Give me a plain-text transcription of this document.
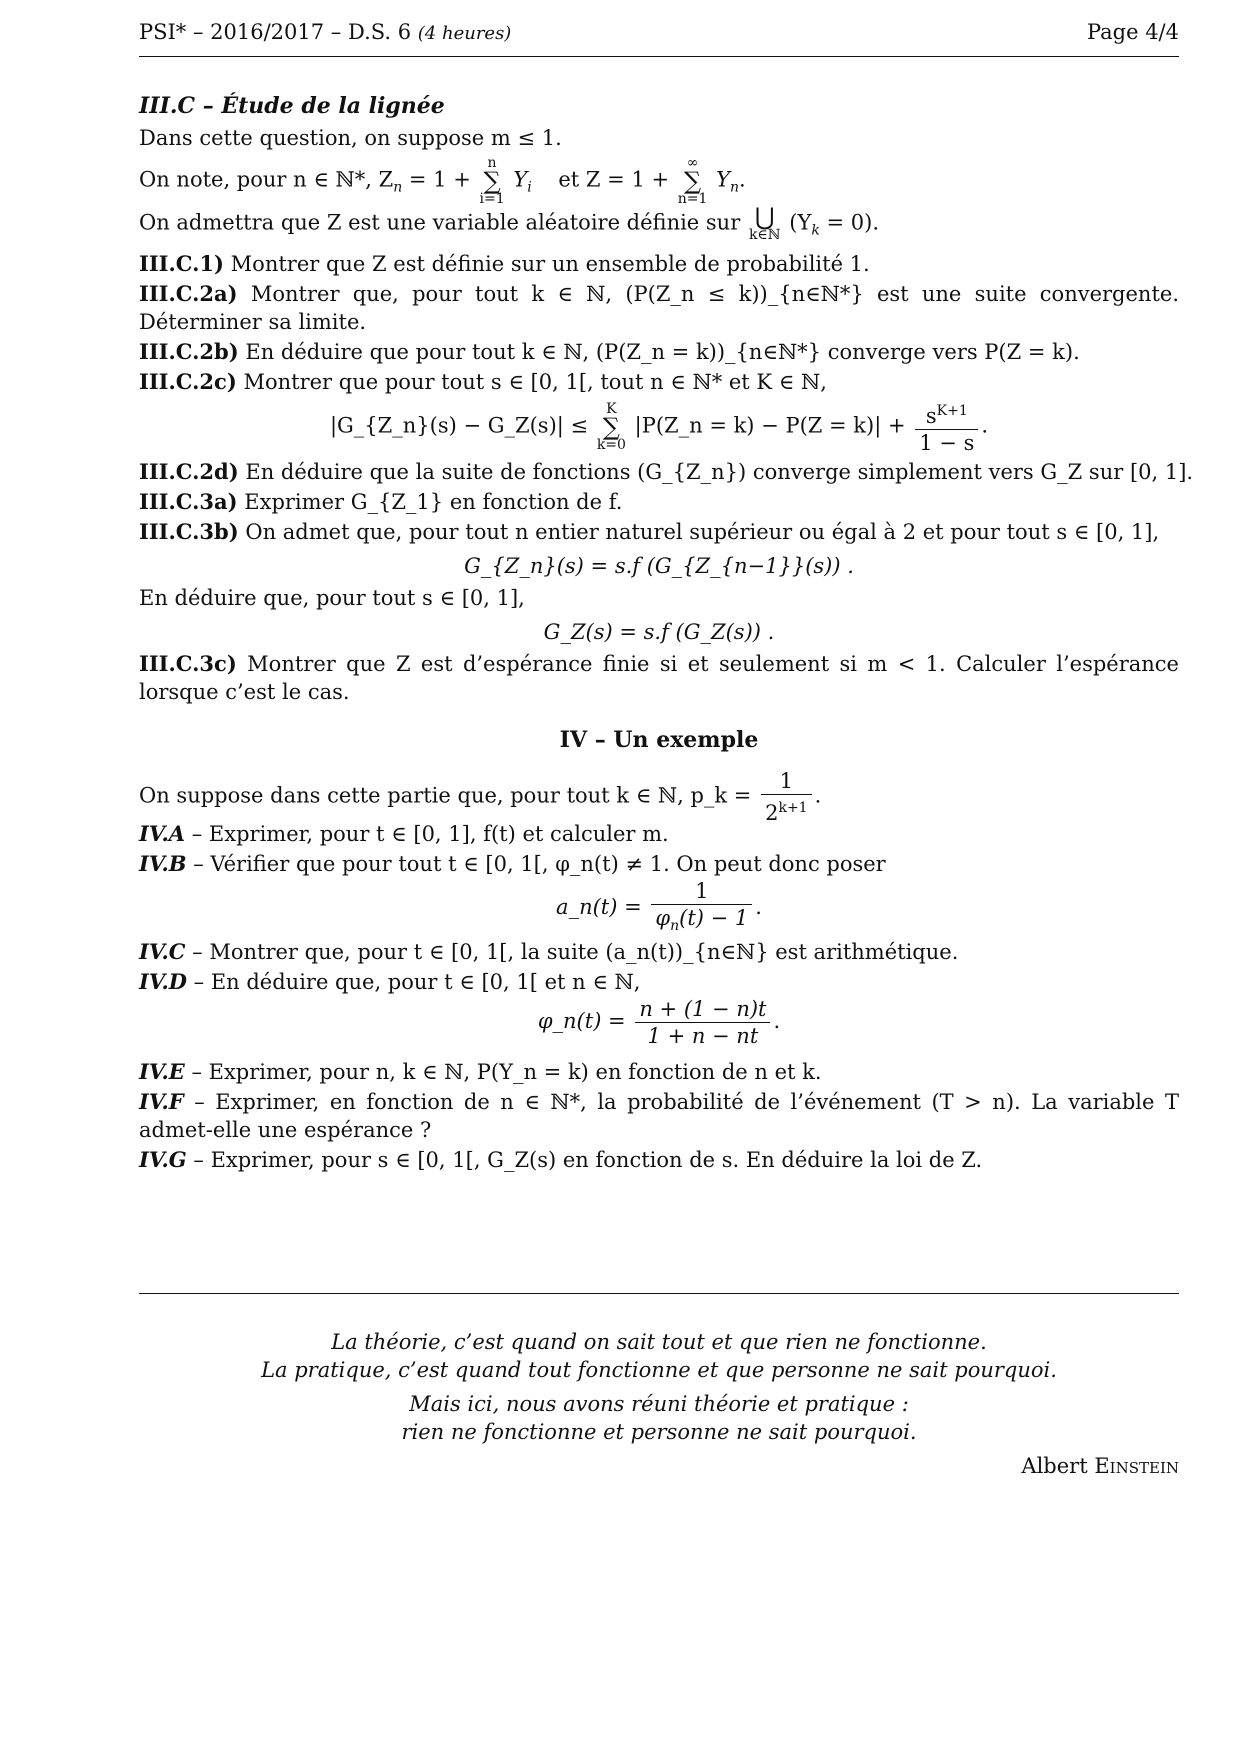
PSI* – 2016/2017 – D.S. 6 (4 heures)	Page 4/4
III.C – Étude de la lignée
Dans cette question, on suppose m ≤ 1.
On note, pour n ∈ ℕ*, $Z_n = 1$ +
n
∑
i=1
$Y_i$ et Z = 1 +
∞
∑
n=1
$Y_n$.
On admettra que Z est une variable aléatoire définie sur ⋃
k∈ℕ
$(Y_k = 0)$.
III.C.1) Montrer que Z est définie sur un ensemble de probabilité 1.
III.C.2a) Montrer que, pour tout k ∈ ℕ, (P(Z_n ≤ k))_{n∈ℕ*} est une suite convergente. Déterminer sa limite.
III.C.2b) En déduire que pour tout k ∈ ℕ, (P(Z_n = k))_{n∈ℕ*} converge vers P(Z = k).
III.C.2c) Montrer que pour tout s ∈ [0, 1[, tout n ∈ ℕ* et K ∈ ℕ,
|G_{Z_n}(s) − G_Z(s)| ≤
K
∑
k=0
|P(Z_n = $k) - P(Z = k)| + \frac{s^{K+1}}{1 - s}$ .
III.C.2d) En déduire que la suite de fonctions (G_{Z_n}) converge simplement vers G_Z sur [0, 1].
III.C.3a) Exprimer G_{Z_1} en fonction de f.
III.C.3b) On admet que, pour tout n entier naturel supérieur ou égal à 2 et pour tout s ∈ [0, 1],
G_{Z_n}(s) = s.f (G_{Z_{n−1}}(s)) .
En déduire que, pour tout s ∈ [0, 1],
G_Z(s) = s.f (G_Z(s)) .
III.C.3c) Montrer que Z est d’espérance finie si et seulement si m < 1. Calculer l’espérance lorsque c’est le cas.
IV – Un exemple
On suppose dans cette partie que, pour tout k ∈ ℕ, p_k = $\frac{1}{2^{k+1}}$ .
IV.A – Exprimer, pour t ∈ [0, 1], f(t) et calculer m.
IV.B – Vérifier que pour tout t ∈ [0, 1[, φ_n(t) ≠ 1. On peut donc poser
a_n(t) = $\frac{1}{\varphi_n(t) - 1}$ .
IV.C – Montrer que, pour t ∈ [0, 1[, la suite (a_n(t))_{n∈ℕ} est arithmétique.
IV.D – En déduire que, pour t ∈ [0, 1[ et n ∈ ℕ,
φ_n(t) = $\frac{n + (1 - n)t}{1 + n - nt}$ .
IV.E – Exprimer, pour n, k ∈ ℕ, P(Y_n = k) en fonction de n et k.
IV.F – Exprimer, en fonction de n ∈ ℕ*, la probabilité de l’événement (T > n). La variable T admet-elle une espérance ?
IV.G – Exprimer, pour s ∈ [0, 1[, G_Z(s) en fonction de s. En déduire la loi de Z.
La théorie, c’est quand on sait tout et que rien ne fonctionne.
La pratique, c’est quand tout fonctionne et que personne ne sait pourquoi.
Mais ici, nous avons réuni théorie et pratique :
rien ne fonctionne et personne ne sait pourquoi.
Albert Einstein
